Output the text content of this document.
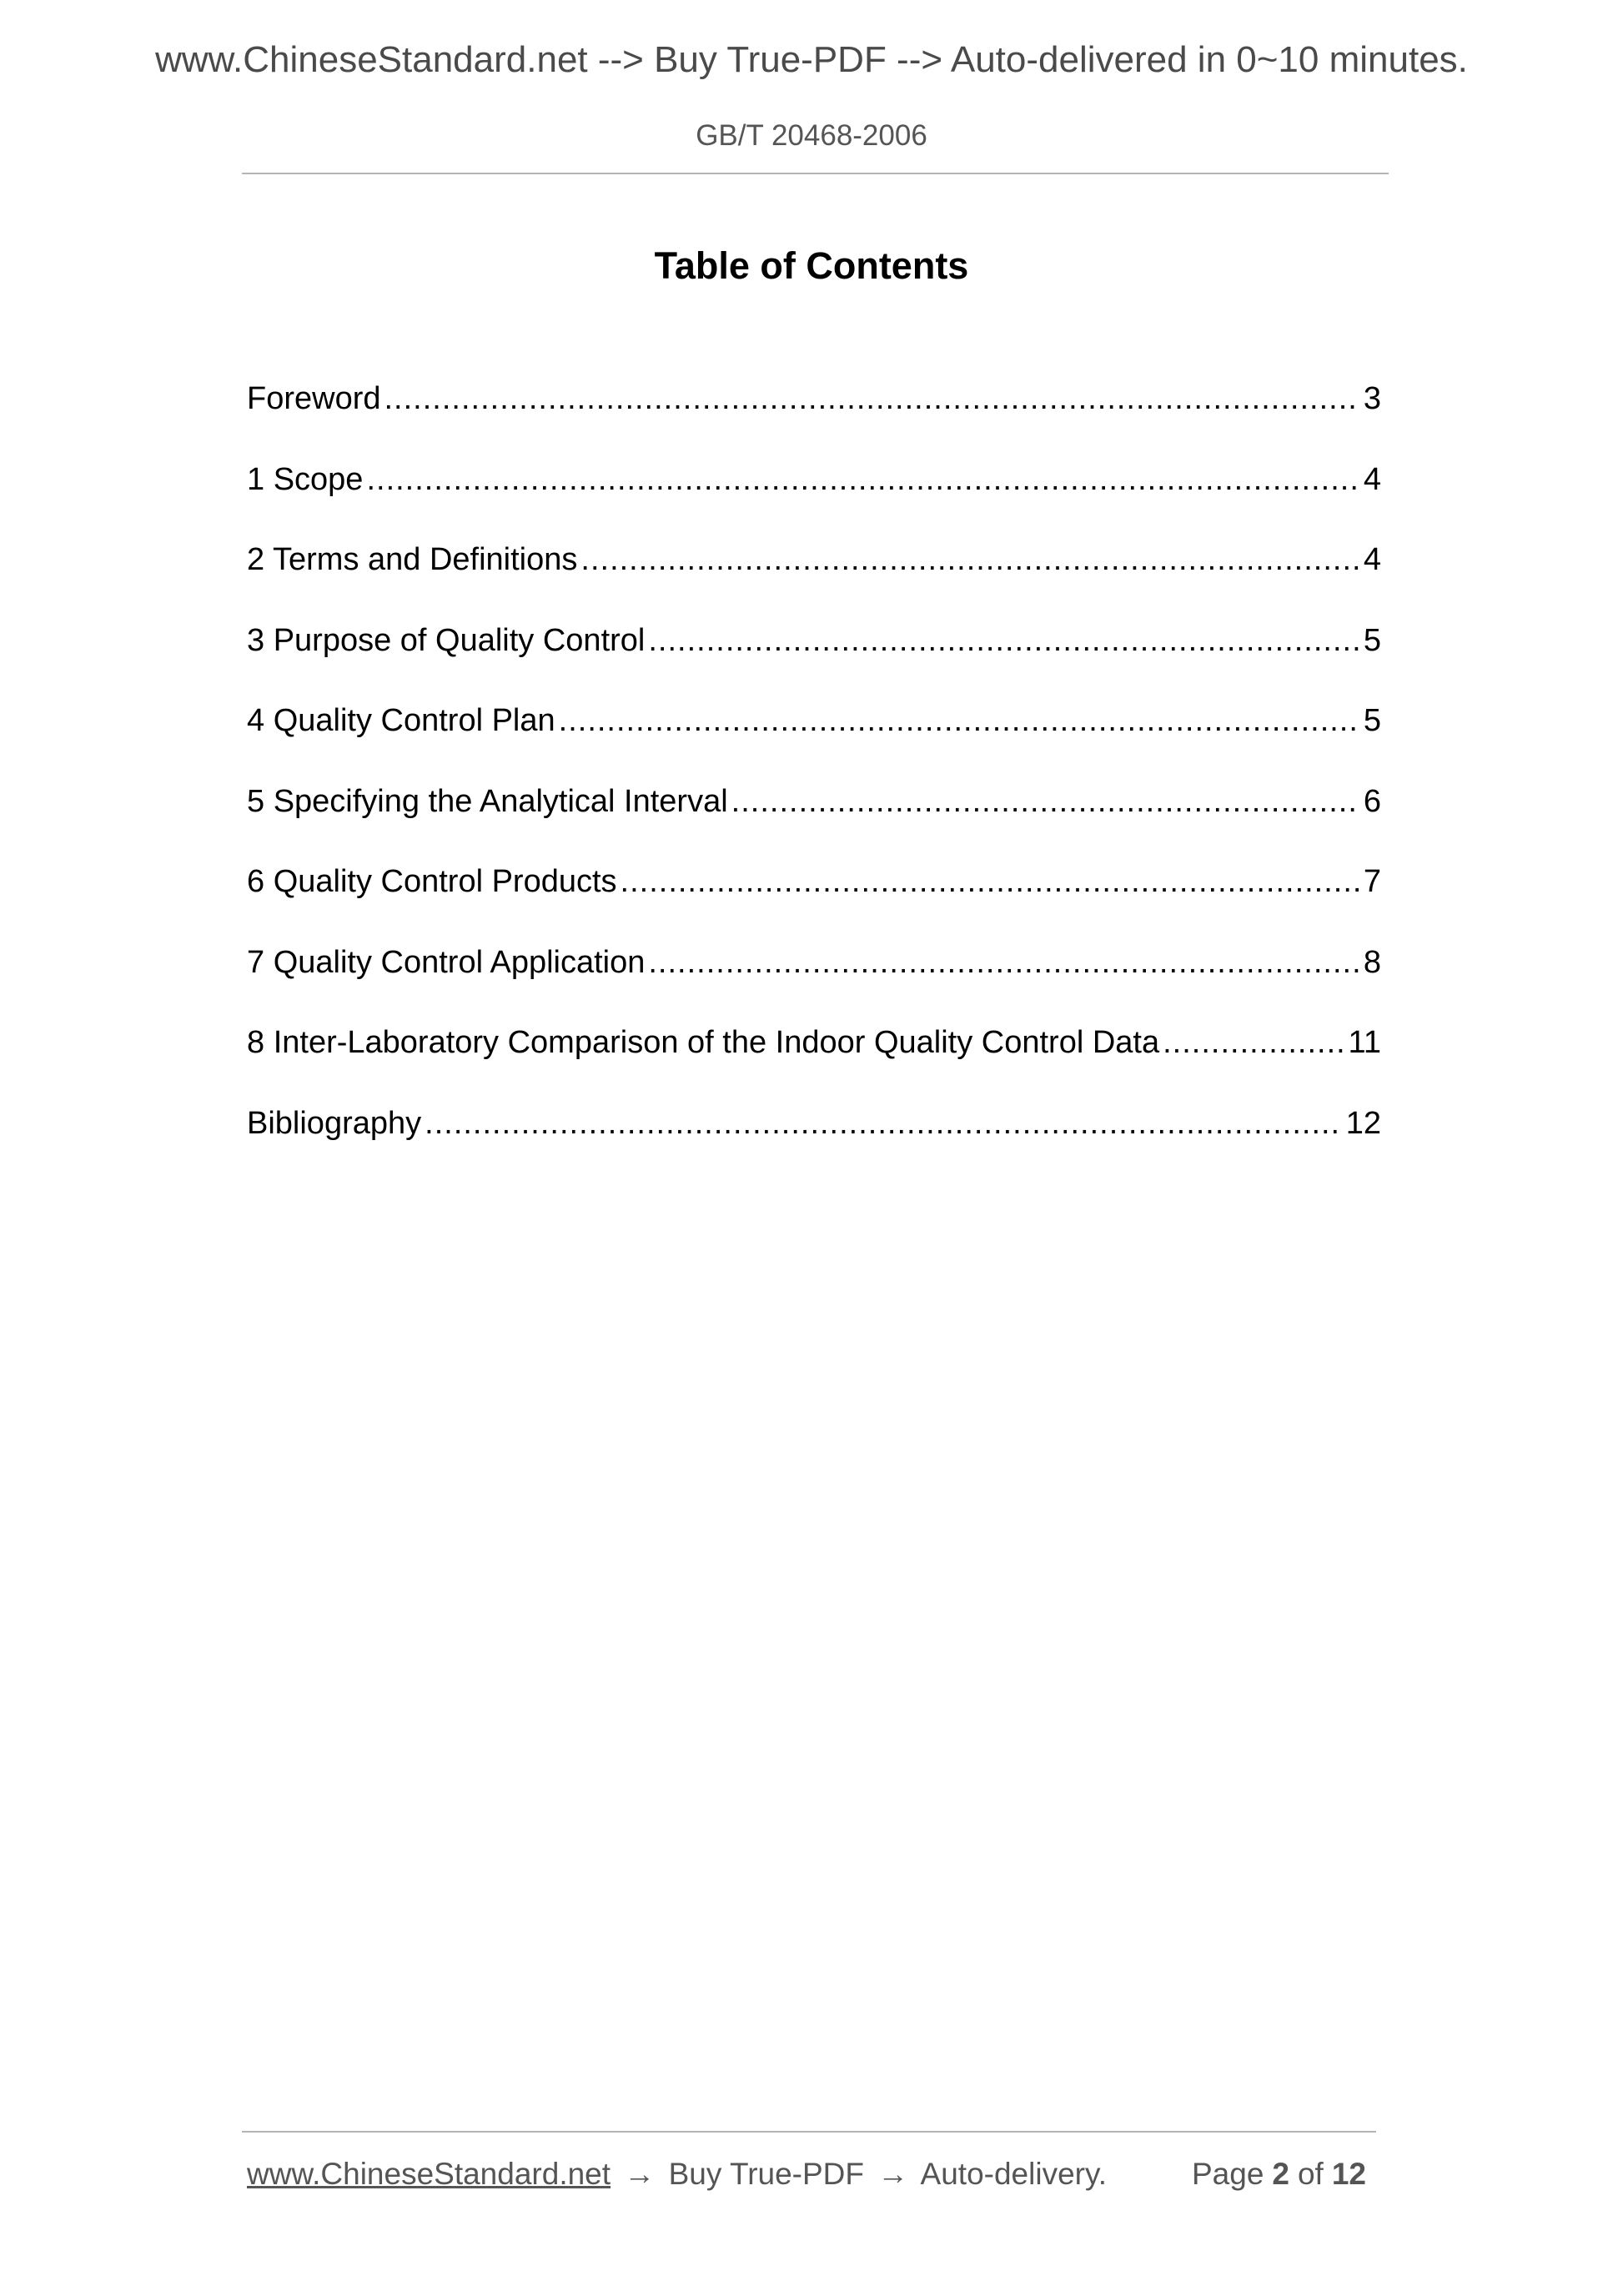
www.ChineseStandard.net --> Buy True-PDF --> Auto-delivered in 0~10 minutes.
GB/T 20468-2006
Table of Contents
Foreword .....	3
1 Scope .....	4
2 Terms and Definitions .....	4
3 Purpose of Quality Control .....	5
4 Quality Control Plan .....	5
5 Specifying the Analytical Interval .....	6
6 Quality Control Products .....	7
7 Quality Control Application .....	8
8 Inter-Laboratory Comparison of the Indoor Quality Control Data .....	11
Bibliography .....	12
www.ChineseStandard.net → Buy True-PDF → Auto-delivery.	Page 2 of 12
